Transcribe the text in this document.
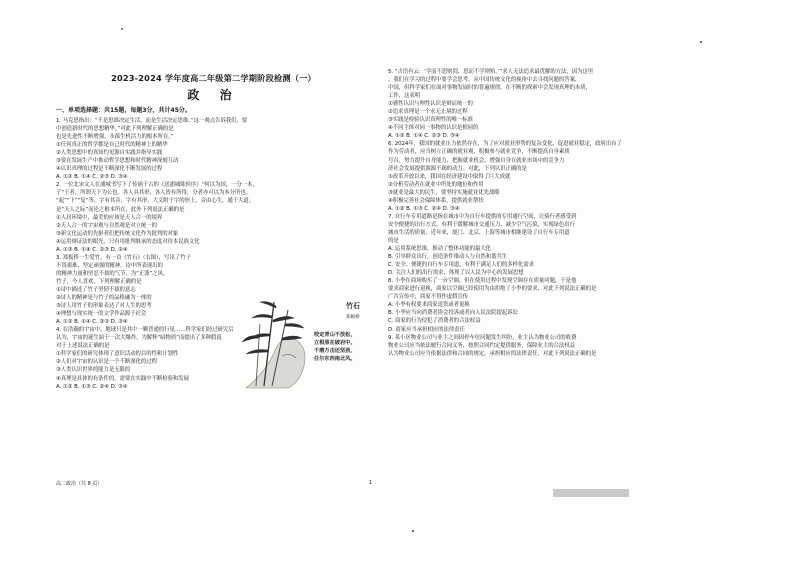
2023-2024 学年度高二年级第二学期阶段检测（一）
政 治
一、单项选择题：共15题，每题3分，共计45分。

1. 马克思指出：“不是思维决定生活，而是生活决定思维。”这一观点告诉我们，要

中创造新时代的思想精华。”对此下列理解正确的是

也是先进性不断增强、永葆生机活力的根本所在。”

①任何真正的哲学都是自己时代的精神上的精华

②人类思想中的真知灼见源自实践并指导实践

③要在发展生产中推动哲学思想和时代精神深刻互动

④认识真理的过程是不断深化不断发展的过程

A. ①② B. ①④ C. ②③ D. ③④

2. 一位北宋文人在浦城书写下了传诵千古的《送浦城陈侯序》“何以为国，一分一本，

子”王者，所谓天下为公也。各人具其形，各人皆有所得，分者亦可以为本分所也。

“起”“下”“复”等，字有其音，字有其形，大义附于字的形上，音由心生，通于大道。

是“天人之际”而论之根本所在，此外下列说法正确的是

①人居环境中，最美的应该是天人合一的境界

②天人合一的宇宙观与自然观是对立统一的

③新文化运动的先驱者们把传统文化作为批判的对象

④运用辩证法的眼光，只有用批判继承的态度对待本民族文化

A. ①③ B. ①④ C. ②③ D. ②④

3. 郑板桥一生爱竹，有一首《竹石》（右图），写出了竹子

不畏艰难、坚定顽强的精神，诗中所表现出的

的精神力量和坚忍不拔的气节，为“正派”之风。

竹子，今人喜欢，下列理解正确的是

①诗中描述了竹子坚韧不拔的意志

②诗人的精神是与竹子的品格融为一体的

③诗人用竹子的形象表达了对人生的思考

④理想与现实统一的文学作品源于社会

A. ①② B. ①④ C. ②③ D. ③④

4. 在浩瀚的宇宙中，地球只是其中一颗普通的行星……科学家们经过研究后

认为，宇宙的诞生始于一次大爆炸，为解释“暗物质”而提出了多种假说

对于上述说法正确的是

①科学家们的研究体现了意识活动的目的性和计划性

②人们对宇宙的认识是一个不断深化的过程

③人类认识世界的能力是无限的

④真理是具体的有条件的，需要在实践中不断检验和发展

A. ①② B. ①③ C. ②④ D. ③④

5. “古语有云：‘学而不思则罔，思而不学则殆。’”求人无法追求最优解的方法，因为这里

，我们在学习的过程中要学会思考，从中国传统文化的视角中去寻找问题的答案，

中国，但科学家们在面对事物发展时的普遍规律，在不断的探索中会发现真理的本质，

工作，这表明

①感性认识与理性认识是辩证统一的

②追求真理是一个永无止境的过程

③实践是检验认识真理性的唯一标准

④不同主体对同一事物的认识是相同的

A. ①② B. ①④ C. ②③ D. ③④

6. 2024年，我国的就业压力依然存在，为了应对就业形势的复杂变化，促进就业稳定，政府出台了

作为劳动者，应当树立正确的就业观，积极参与就业竞争，不断提高自身素质

号召，努力提升自身能力，把握就业机会，增强自身在就业市场中的竞争力

济社会发展提供源源不竭的动力。对此，下列认识正确的是

①改革开放以来，我国在经济建设中取得了巨大成就

②分析劳动者在就业中所处的地位和作用

③就业是最大的民生，要坚持实施就业优先战略

④积极完善社会保障体系，提供就业帮扶

A. ①② B. ①③ C. ②④ D. ③④

7. 自行车专用道路是指在城市中为自行车提供的专用通行空间，让骑行者感受到

安全便捷的出行方式，有利于缓解城市交通压力、减少空气污染，实现绿色出行

城市生活的质量，近年来，厦门、北京、上海等城市相继建设了自行车专用道

的是

A. 运用系统思维，推动了整体功能的最大化

B. 引导群众出行，创造条件推动人与自然和谐共生

C. 安全、便捷的自行车专用道，有利于满足人们的多样化需求

D. 关注人们的出行需求，体现了以人民为中心的发展思想

8. 小李在商场购买了一台空调，但在使用过程中发现空调存在质量问题，于是他

要求商家进行退换，商家以空调已经使用为由拒绝了小李的要求，对此下列说法正确的是

广告宣传中，商家不得作虚假宣传

A. 小李有权要求商家退货或者更换

B. 小李应当向消费者协会投诉或者向人民法院提起诉讼

C. 商家的行为侵犯了消费者的合法权益

D. 商家应当承担相应的法律责任

9. 某小区物业公司与业主之间因停车位问题发生纠纷，业主认为物业公司的收费

物业公司应当依法履行合同义务，按照合同约定提供服务，保障业主的合法权益

认为物业公司应当依据法律和合同的规定，承担相应的法律责任，对此下列说法正确的是

竹石
郑板桥
咬定青山不放松，
立根原在破岩中。
千磨万击还坚劲，
任尔东西南北风。
高二政治（共 8 页）	1
